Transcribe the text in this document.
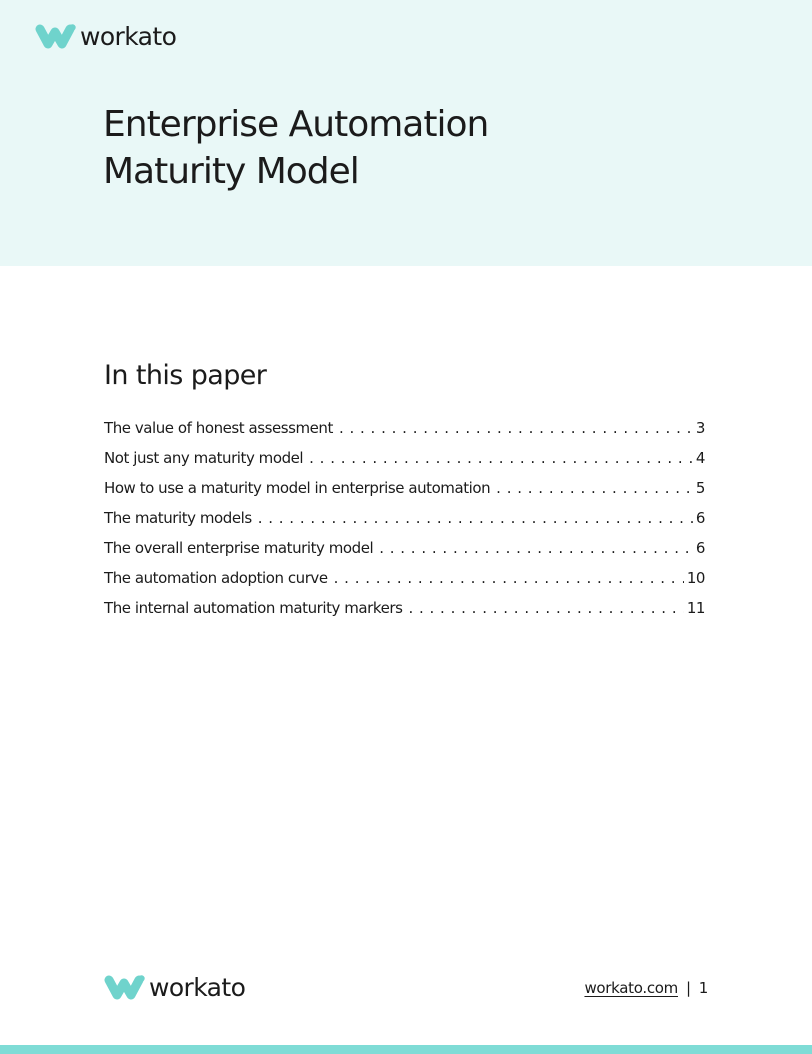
workato
Enterprise Automation
Maturity Model
In this paper
The value of honest assessment . . .	3
Not just any maturity model . . .	4
How to use a maturity model in enterprise automation . . .	5
The maturity models . . .	6
The overall enterprise maturity model . . .	6
The automation adoption curve . . .	10
The internal automation maturity markers . . .	11
workato	workato.com | 1
